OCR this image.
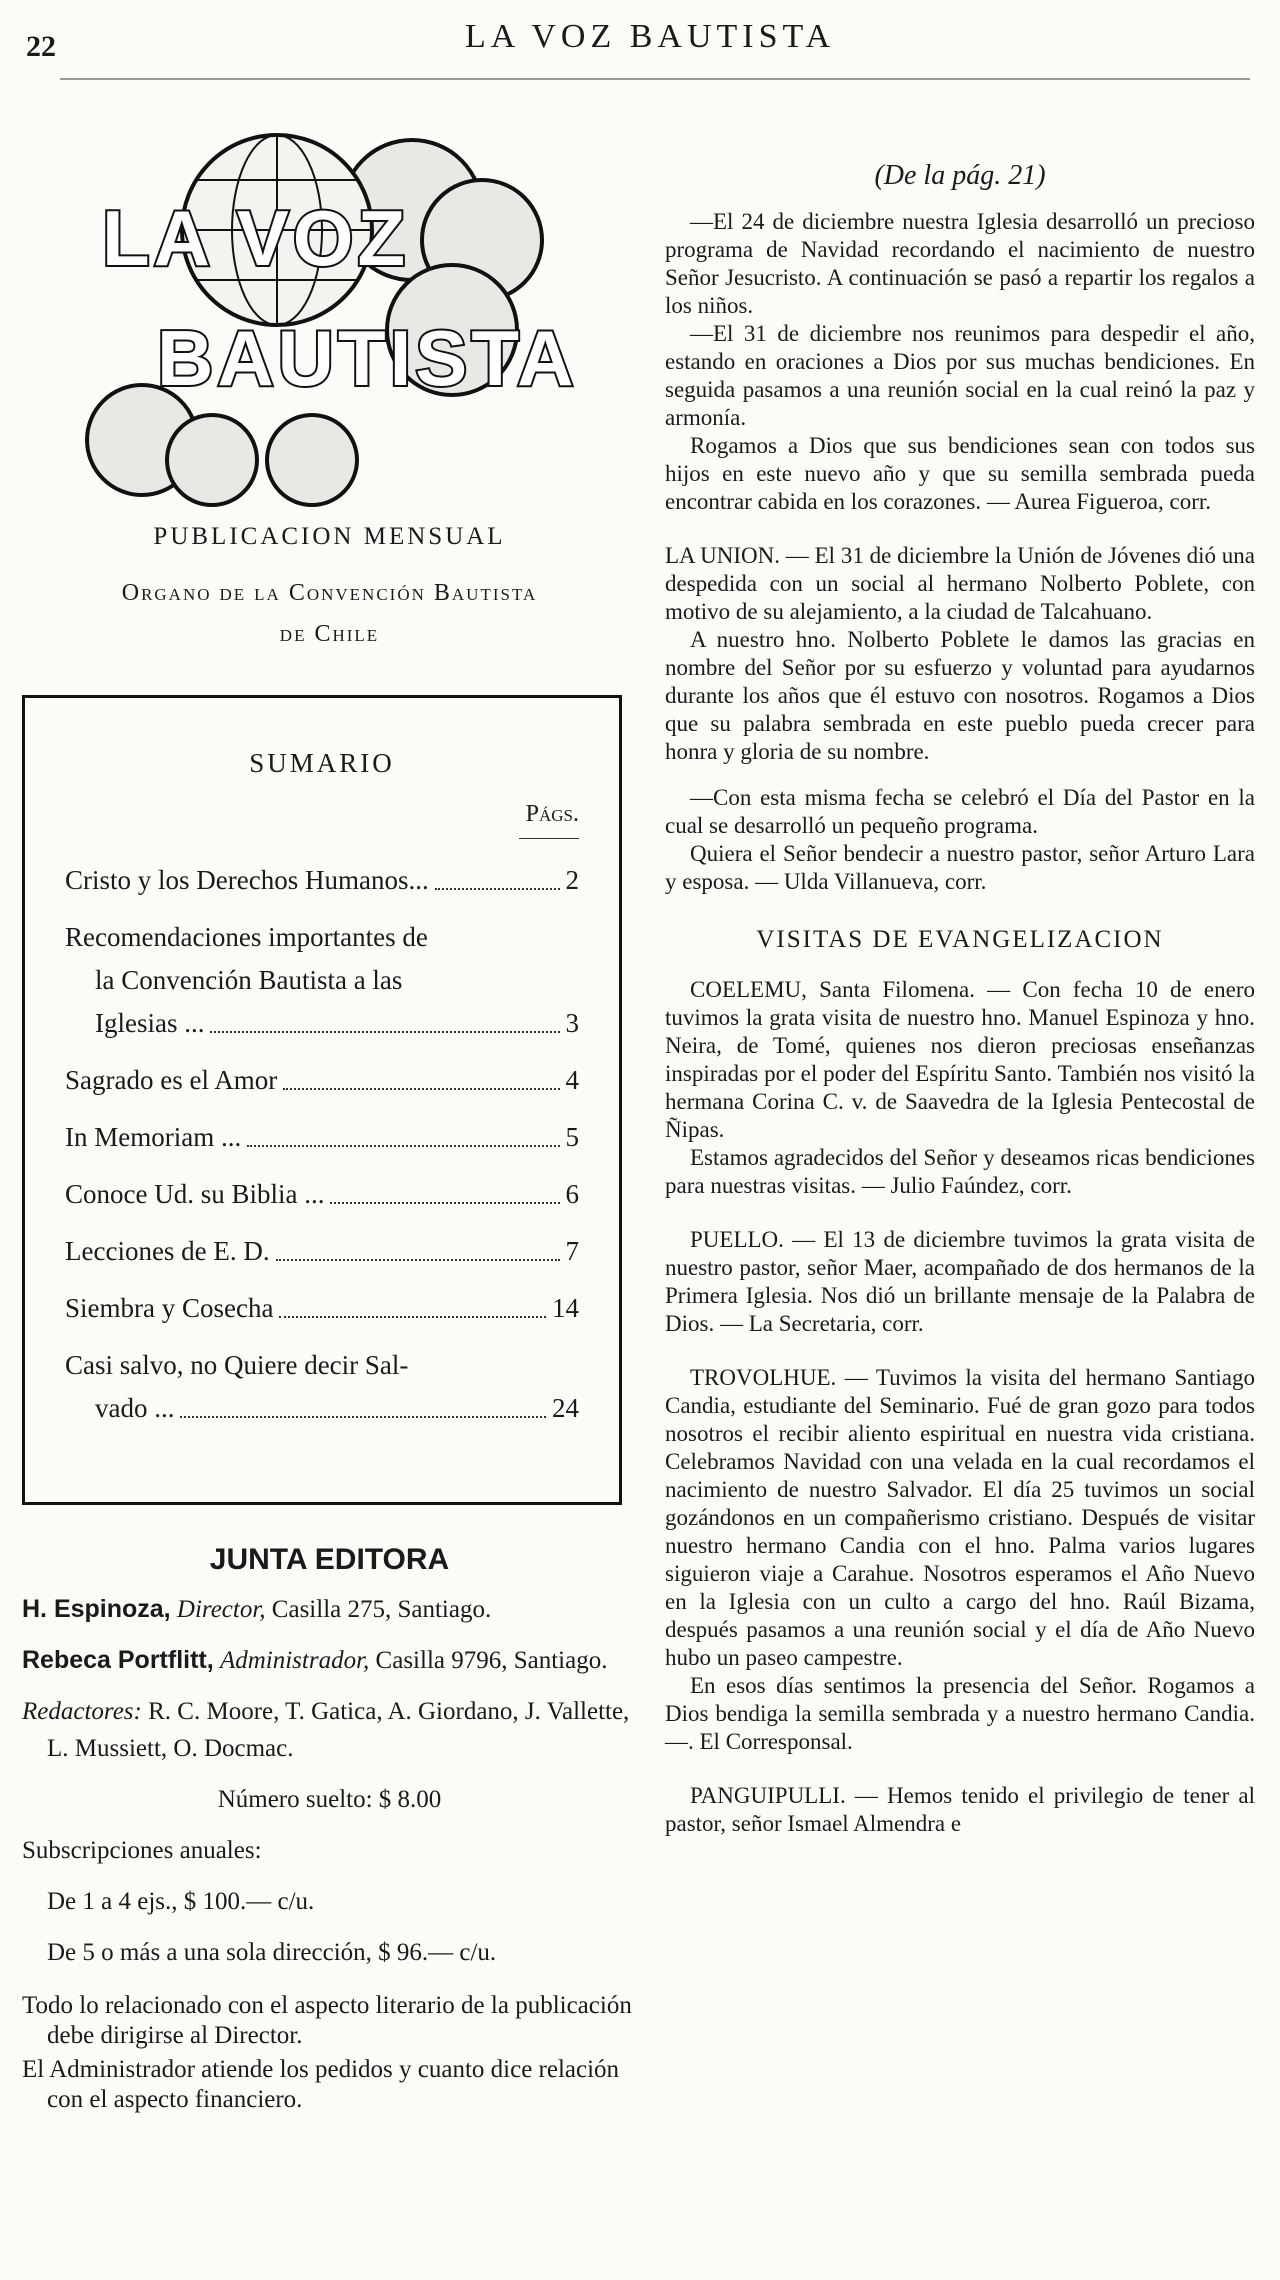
22	LA VOZ BAUTISTA
LA VOZ
BAUTISTA
PUBLICACION MENSUAL
Organo de la Convención Bautista
de Chile
SUMARIO
Págs.
Cristo y los Derechos Humanos...	2
Recomendaciones importantes de
la Convención Bautista a las
Iglesias ...	3
Sagrado es el Amor	4
In Memoriam ...	5
Conoce Ud. su Biblia ...	6
Lecciones de E. D.	7
Siembra y Cosecha	14
Casi salvo, no Quiere decir Sal-
vado ...	24
JUNTA EDITORA
H. Espinoza, Director, Casilla 275, Santiago.
Rebeca Portflitt, Administrador, Casilla 9796, Santiago.
Redactores: R. C. Moore, T. Gatica, A. Giordano, J. Vallette, L. Mussiett, O. Docmac.
Número suelto: $ 8.00
Subscripciones anuales:
De 1 a 4 ejs., $ 100.— c/u.
De 5 o más a una sola dirección, $ 96.— c/u.
Todo lo relacionado con el aspecto literario de la publicación debe dirigirse al Director.
El Administrador atiende los pedidos y cuanto dice relación con el aspecto financiero.
(De la pág. 21)

—El 24 de diciembre nuestra Iglesia desarrolló un precioso programa de Navidad recordando el nacimiento de nuestro Señor Jesucristo. A continuación se pasó a repartir los regalos a los niños.

—El 31 de diciembre nos reunimos para despedir el año, estando en oraciones a Dios por sus muchas bendiciones. En seguida pasamos a una reunión social en la cual reinó la paz y armonía.

Rogamos a Dios que sus bendiciones sean con todos sus hijos en este nuevo año y que su semilla sembrada pueda encontrar cabida en los corazones. — Aurea Figueroa, corr.

LA UNION. — El 31 de diciembre la Unión de Jóvenes dió una despedida con un social al hermano Nolberto Poblete, con motivo de su alejamiento, a la ciudad de Talcahuano.

A nuestro hno. Nolberto Poblete le damos las gracias en nombre del Señor por su esfuerzo y voluntad para ayudarnos durante los años que él estuvo con nosotros. Rogamos a Dios que su palabra sembrada en este pueblo pueda crecer para honra y gloria de su nombre.

—Con esta misma fecha se celebró el Día del Pastor en la cual se desarrolló un pequeño programa.

Quiera el Señor bendecir a nuestro pastor, señor Arturo Lara y esposa. — Ulda Villanueva, corr.

VISITAS DE EVANGELIZACION

COELEMU, Santa Filomena. — Con fecha 10 de enero tuvimos la grata visita de nuestro hno. Manuel Espinoza y hno. Neira, de Tomé, quienes nos dieron preciosas enseñanzas inspiradas por el poder del Espíritu Santo. También nos visitó la hermana Corina C. v. de Saavedra de la Iglesia Pentecostal de Ñipas.

Estamos agradecidos del Señor y deseamos ricas bendiciones para nuestras visitas. — Julio Faúndez, corr.

PUELLO. — El 13 de diciembre tuvimos la grata visita de nuestro pastor, señor Maer, acompañado de dos hermanos de la Primera Iglesia. Nos dió un brillante mensaje de la Palabra de Dios. — La Secretaria, corr.

TROVOLHUE. — Tuvimos la visita del hermano Santiago Candia, estudiante del Seminario. Fué de gran gozo para todos nosotros el recibir aliento espiritual en nuestra vida cristiana. Celebramos Navidad con una velada en la cual recordamos el nacimiento de nuestro Salvador. El día 25 tuvimos un social gozándonos en un compañerismo cristiano. Después de visitar nuestro hermano Candia con el hno. Palma varios lugares siguieron viaje a Carahue. Nosotros esperamos el Año Nuevo en la Iglesia con un culto a cargo del hno. Raúl Bizama, después pasamos a una reunión social y el día de Año Nuevo hubo un paseo campestre.

En esos días sentimos la presencia del Señor. Rogamos a Dios bendiga la semilla sembrada y a nuestro hermano Candia. —. El Corresponsal.

PANGUIPULLI. — Hemos tenido el privilegio de tener al pastor, señor Ismael Almendra e
